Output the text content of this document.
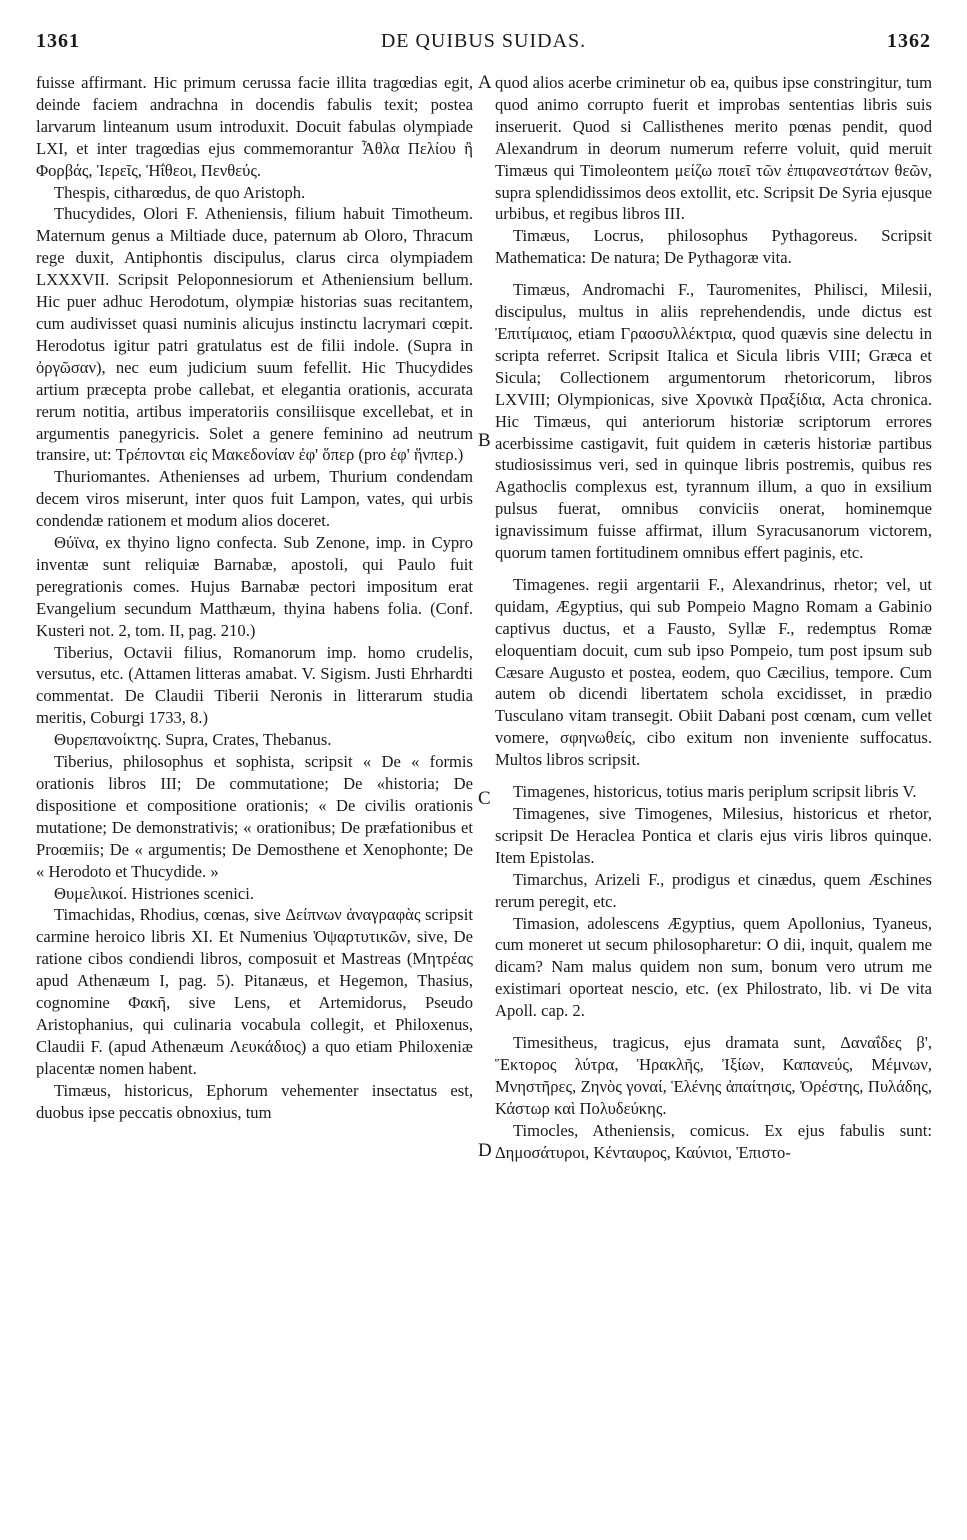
1361	DE QUIBUS SUIDAS.	1362

fuisse affirmant. Hic primum cerussa facie illita tragœdias egit, deinde faciem andrachna in docendis fabulis texit; postea larvarum linteanum usum introduxit. Docuit fabulas olympiade LXI, et inter tragœdias ejus commemorantur Ἆθλα Πελίου ἢ Φορβάς, Ἱερεῖς, Ἠΐθεοι, Πενθεύς.

Thespis, citharœdus, de quo Aristoph.

Thucydides, Olori F. Atheniensis, filium habuit Timotheum. Maternum genus a Miltiade duce, paternum ab Oloro, Thracum rege duxit, Antiphontis discipulus, clarus circa olympiadem LXXXVII. Scripsit Peloponnesiorum et Atheniensium bellum. Hic puer adhuc Herodotum, olympiæ historias suas recitantem, cum audivisset quasi numinis alicujus instinctu lacrymari cœpit. Herodotus igitur patri gratulatus est de filii indole. (Supra in ὀργῶσαν), nec eum judicium suum fefellit. Hic Thucydides artium præcepta probe callebat, et elegantia orationis, accurata rerum notitia, artibus imperatoriis consiliisque excellebat, et in argumentis panegyricis. Solet a genere feminino ad neutrum transire, ut: Τρέπονται εἰς Μακεδονίαν ἐφ' ὅπερ (pro ἐφ' ἥνπερ.)

Thuriomantes. Athenienses ad urbem, Thurium condendam decem viros miserunt, inter quos fuit Lampon, vates, qui urbis condendæ rationem et modum alios doceret.

Θύϊνα, ex thyino ligno confecta. Sub Zenone, imp. in Cypro inventæ sunt reliquiæ Barnabæ, apostoli, qui Paulo fuit peregrationis comes. Hujus Barnabæ pectori impositum erat Evangelium secundum Matthæum, thyina habens folia. (Conf. Kusteri not. 2, tom. II, pag. 210.)

Tiberius, Octavii filius, Romanorum imp. homo crudelis, versutus, etc. (Attamen litteras amabat. V. Sigism. Justi Ehrhardti commentat. De Claudii Tiberii Neronis in litterarum studia meritis, Coburgi 1733, 8.)

Θυρεπανοίκτης. Supra, Crates, Thebanus.

Tiberius, philosophus et sophista, scripsit « De « formis orationis libros III; De commutatione; De «historia; De dispositione et compositione orationis; « De civilis orationis mutatione; De demonstrativis; « orationibus; De præfationibus et Proœmiis; De « argumentis; De Demosthene et Xenophonte; De « Herodoto et Thucydide. »

Θυμελικοί. Histriones scenici.

Timachidas, Rhodius, cœnas, sive Δείπνων ἀναγραφὰς scripsit carmine heroico libris XI. Et Numenius Ὀψαρτυτικῶν, sive, De ratione cibos condiendi libros, composuit et Mastreas (Μητρέας apud Athenæum I, pag. 5). Pitanæus, et Hegemon, Thasius, cognomine Φακῆ, sive Lens, et Artemidorus, Pseudo Aristophanius, qui culinaria vocabula collegit, et Philoxenus, Claudii F. (apud Athenæum Λευκάδιος) a quo etiam Philoxeniæ placentæ nomen habent.

Timæus, historicus, Ephorum vehementer insectatus est, duobus ipse peccatis obnoxius, tum

A
B
C
D

quod alios acerbe criminetur ob ea, quibus ipse constringitur, tum quod animo corrupto fuerit et improbas sententias libris suis inseruerit. Quod si Callisthenes merito pœnas pendit, quod Alexandrum in deorum numerum referre voluit, quid meruit Timæus qui Timoleontem μείζω ποιεῖ τῶν ἐπιφανεστάτων θεῶν, supra splendidissimos deos extollit, etc. Scripsit De Syria ejusque urbibus, et regibus libros III.

Timæus, Locrus, philosophus Pythagoreus. Scripsit Mathematica: De natura; De Pythagoræ vita.

Timæus, Andromachi F., Tauromenites, Philisci, Milesii, discipulus, multus in aliis reprehendendis, unde dictus est Ἐπιτίμαιος, etiam Γραοσυλλέκτρια, quod quævis sine delectu in scripta referret. Scripsit Italica et Sicula libris VIII; Græca et Sicula; Collectionem argumentorum rhetoricorum, libros LXVIII; Olympionicas, sive Χρονικὰ Πραξίδια, Acta chronica. Hic Timæus, qui anteriorum historiæ scriptorum errores acerbissime castigavit, fuit quidem in cæteris historiæ partibus studiosissimus veri, sed in quinque libris postremis, quibus res Agathoclis complexus est, tyrannum illum, a quo in exsilium pulsus fuerat, omnibus conviciis onerat, hominemque ignavissimum fuisse affirmat, illum Syracusanorum victorem, quorum tamen fortitudinem omnibus effert paginis, etc.

Timagenes. regii argentarii F., Alexandrinus, rhetor; vel, ut quidam, Ægyptius, qui sub Pompeio Magno Romam a Gabinio captivus ductus, et a Fausto, Syllæ F., redemptus Romæ eloquentiam docuit, cum sub ipso Pompeio, tum post ipsum sub Cæsare Augusto et postea, eodem, quo Cæcilius, tempore. Cum autem ob dicendi libertatem schola excidisset, in prædio Tusculano vitam transegit. Obiit Dabani post cœnam, cum vellet vomere, σφηνωθείς, cibo exitum non inveniente suffocatus. Multos libros scripsit.

Timagenes, historicus, totius maris periplum scripsit libris V.

Timagenes, sive Timogenes, Milesius, historicus et rhetor, scripsit De Heraclea Pontica et claris ejus viris libros quinque. Item Epistolas.

Timarchus, Arizeli F., prodigus et cinædus, quem Æschines rerum peregit, etc.

Timasion, adolescens Ægyptius, quem Apollonius, Tyaneus, cum moneret ut secum philosopharetur: O dii, inquit, qualem me dicam? Nam malus quidem non sum, bonum vero utrum me existimari oporteat nescio, etc. (ex Philostrato, lib. vi De vita Apoll. cap. 2.

Timesitheus, tragicus, ejus dramata sunt, Δαναΐδες β', Ἕκτορος λύτρα, Ἡρακλῆς, Ἰξίων, Καπανεύς, Μέμνων, Μνηστῆρες, Ζηνὸς γοναί, Ἑλένης ἀπαίτησις, Ὀρέστης, Πυλάδης, Κάστωρ καὶ Πολυδεύκης.

Timocles, Atheniensis, comicus. Ex ejus fabulis sunt: Δημοσάτυροι, Κένταυρος, Καύνιοι, Ἐπιστο-
